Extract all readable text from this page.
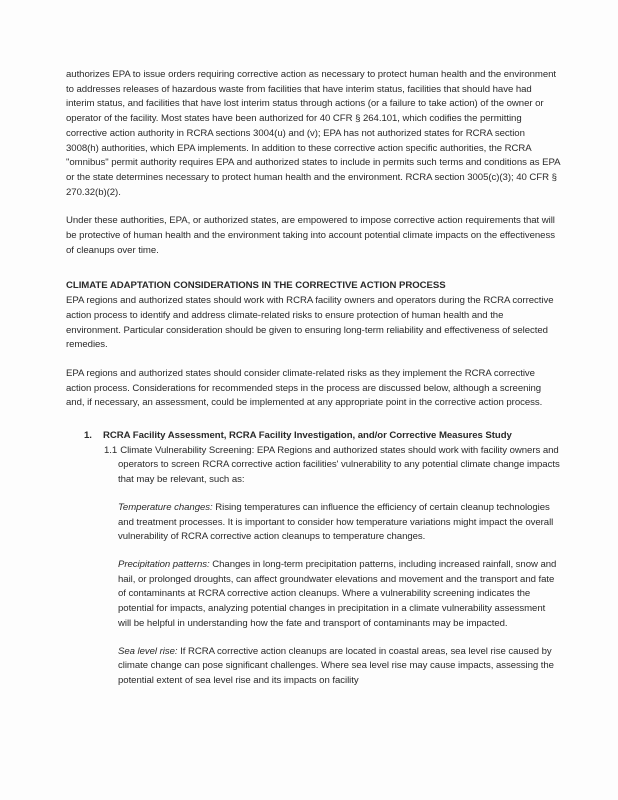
authorizes EPA to issue orders requiring corrective action as necessary to protect human health and the environment to addresses releases of hazardous waste from facilities that have interim status, facilities that should have had interim status, and facilities that have lost interim status through actions (or a failure to take action) of the owner or operator of the facility. Most states have been authorized for 40 CFR § 264.101, which codifies the permitting corrective action authority in RCRA sections 3004(u) and (v); EPA has not authorized states for RCRA section 3008(h) authorities, which EPA implements. In addition to these corrective action specific authorities, the RCRA "omnibus" permit authority requires EPA and authorized states to include in permits such terms and conditions as EPA or the state determines necessary to protect human health and the environment. RCRA section 3005(c)(3); 40 CFR § 270.32(b)(2).

Under these authorities, EPA, or authorized states, are empowered to impose corrective action requirements that will be protective of human health and the environment taking into account potential climate impacts on the effectiveness of cleanups over time.

CLIMATE ADAPTATION CONSIDERATIONS IN THE CORRECTIVE ACTION PROCESS

EPA regions and authorized states should work with RCRA facility owners and operators during the RCRA corrective action process to identify and address climate-related risks to ensure protection of human health and the environment. Particular consideration should be given to ensuring long-term reliability and effectiveness of selected remedies.

EPA regions and authorized states should consider climate-related risks as they implement the RCRA corrective action process. Considerations for recommended steps in the process are discussed below, although a screening and, if necessary, an assessment, could be implemented at any appropriate point in the corrective action process.

1. RCRA Facility Assessment, RCRA Facility Investigation, and/or Corrective Measures Study

1.1 Climate Vulnerability Screening: EPA Regions and authorized states should work with facility owners and operators to screen RCRA corrective action facilities' vulnerability to any potential climate change impacts that may be relevant, such as:

Temperature changes: Rising temperatures can influence the efficiency of certain cleanup technologies and treatment processes. It is important to consider how temperature variations might impact the overall vulnerability of RCRA corrective action cleanups to temperature changes.

Precipitation patterns: Changes in long-term precipitation patterns, including increased rainfall, snow and hail, or prolonged droughts, can affect groundwater elevations and movement and the transport and fate of contaminants at RCRA corrective action cleanups. Where a vulnerability screening indicates the potential for impacts, analyzing potential changes in precipitation in a climate vulnerability assessment will be helpful in understanding how the fate and transport of contaminants may be impacted.

Sea level rise: If RCRA corrective action cleanups are located in coastal areas, sea level rise caused by climate change can pose significant challenges. Where sea level rise may cause impacts, assessing the potential extent of sea level rise and its impacts on facility
